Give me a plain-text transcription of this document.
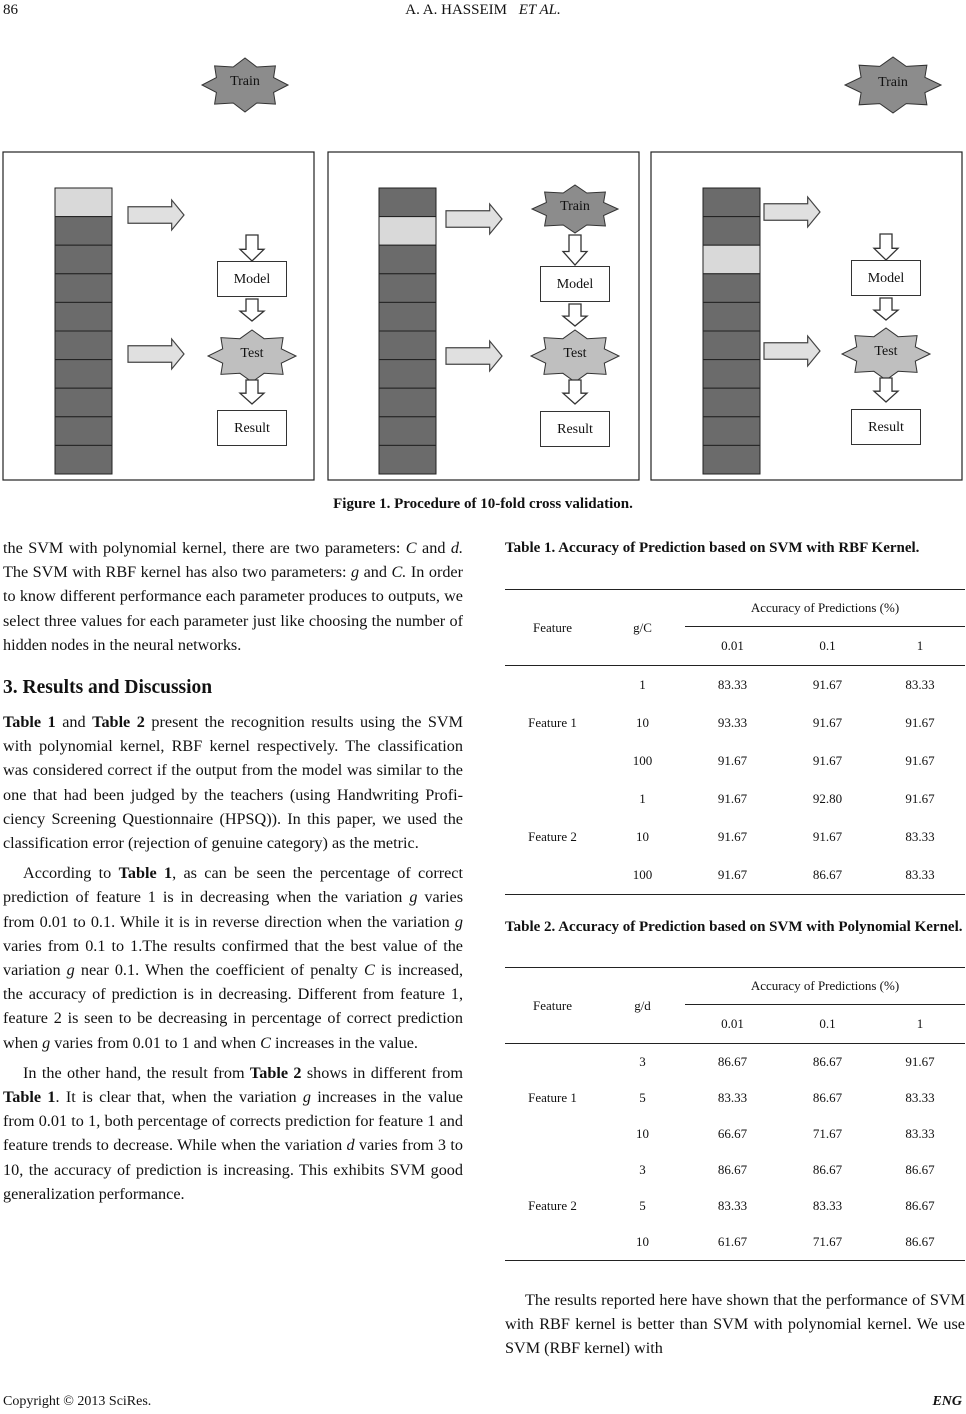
86	A. A. HASSEIM ET AL.
Train	Train
Model
Test
Result
Train
Model
Test
Result
Model
Test
Result
Figure 1. Procedure of 10-fold cross validation.

the SVM with polynomial kernel, there are two parameters: C and d. The SVM with RBF kernel has also two parameters: g and C. In order to know different performance each parameter produces to outputs, we select three values for each parameter just like choosing the number of hidden nodes in the neural networks.

3. Results and Discussion

Table 1 and Table 2 present the recognition results using the SVM with polynomial kernel, RBF kernel respectively. The classification was considered correct if the output from the model was similar to the one that had been judged by the teachers (using Handwriting Proficiency Screening Questionnaire (HPSQ)). In this paper, we used the classification error (rejection of genuine category) as the metric.

According to Table 1, as can be seen the percentage of correct prediction of feature 1 is in decreasing when the variation g varies from 0.01 to 0.1. While it is in reverse direction when the variation g varies from 0.1 to 1.The results confirmed that the best value of the variation g near 0.1. When the coefficient of penalty C is increased, the accuracy of prediction is in decreasing. Different from feature 1, feature 2 is seen to be decreasing in percentage of correct prediction when g varies from 0.01 to 1 and when C increases in the value.

In the other hand, the result from Table 2 shows in different from Table 1. It is clear that, when the variation g increases in the value from 0.01 to 1, both percentage of corrects prediction for feature 1 and feature trends to decrease. While when the variation d varies from 3 to 10, the accuracy of prediction is increasing. This exhibits SVM good generalization performance.

Table 1. Accuracy of Prediction based on SVM with RBF Kernel.
Feature	g/C	Accuracy of Predictions (%)		
		0.01	0.1	1
	1	83.33	91.67	83.33
Feature 1	10	93.33	91.67	91.67
	100	91.67	91.67	91.67
	1	91.67	92.80	91.67
Feature 2	10	91.67	91.67	83.33
	100	91.67	86.67	83.33
Table 2. Accuracy of Prediction based on SVM with Polynomial Kernel.
Feature	g/d	Accuracy of Predictions (%)		
		0.01	0.1	1
	3	86.67	86.67	91.67
Feature 1	5	83.33	86.67	83.33
	10	66.67	71.67	83.33
	3	86.67	86.67	86.67
Feature 2	5	83.33	83.33	86.67
	10	61.67	71.67	86.67

The results reported here have shown that the performance of SVM with RBF kernel is better than SVM with polynomial kernel. We use SVM (RBF kernel) with

Copyright © 2013 SciRes.	ENG
